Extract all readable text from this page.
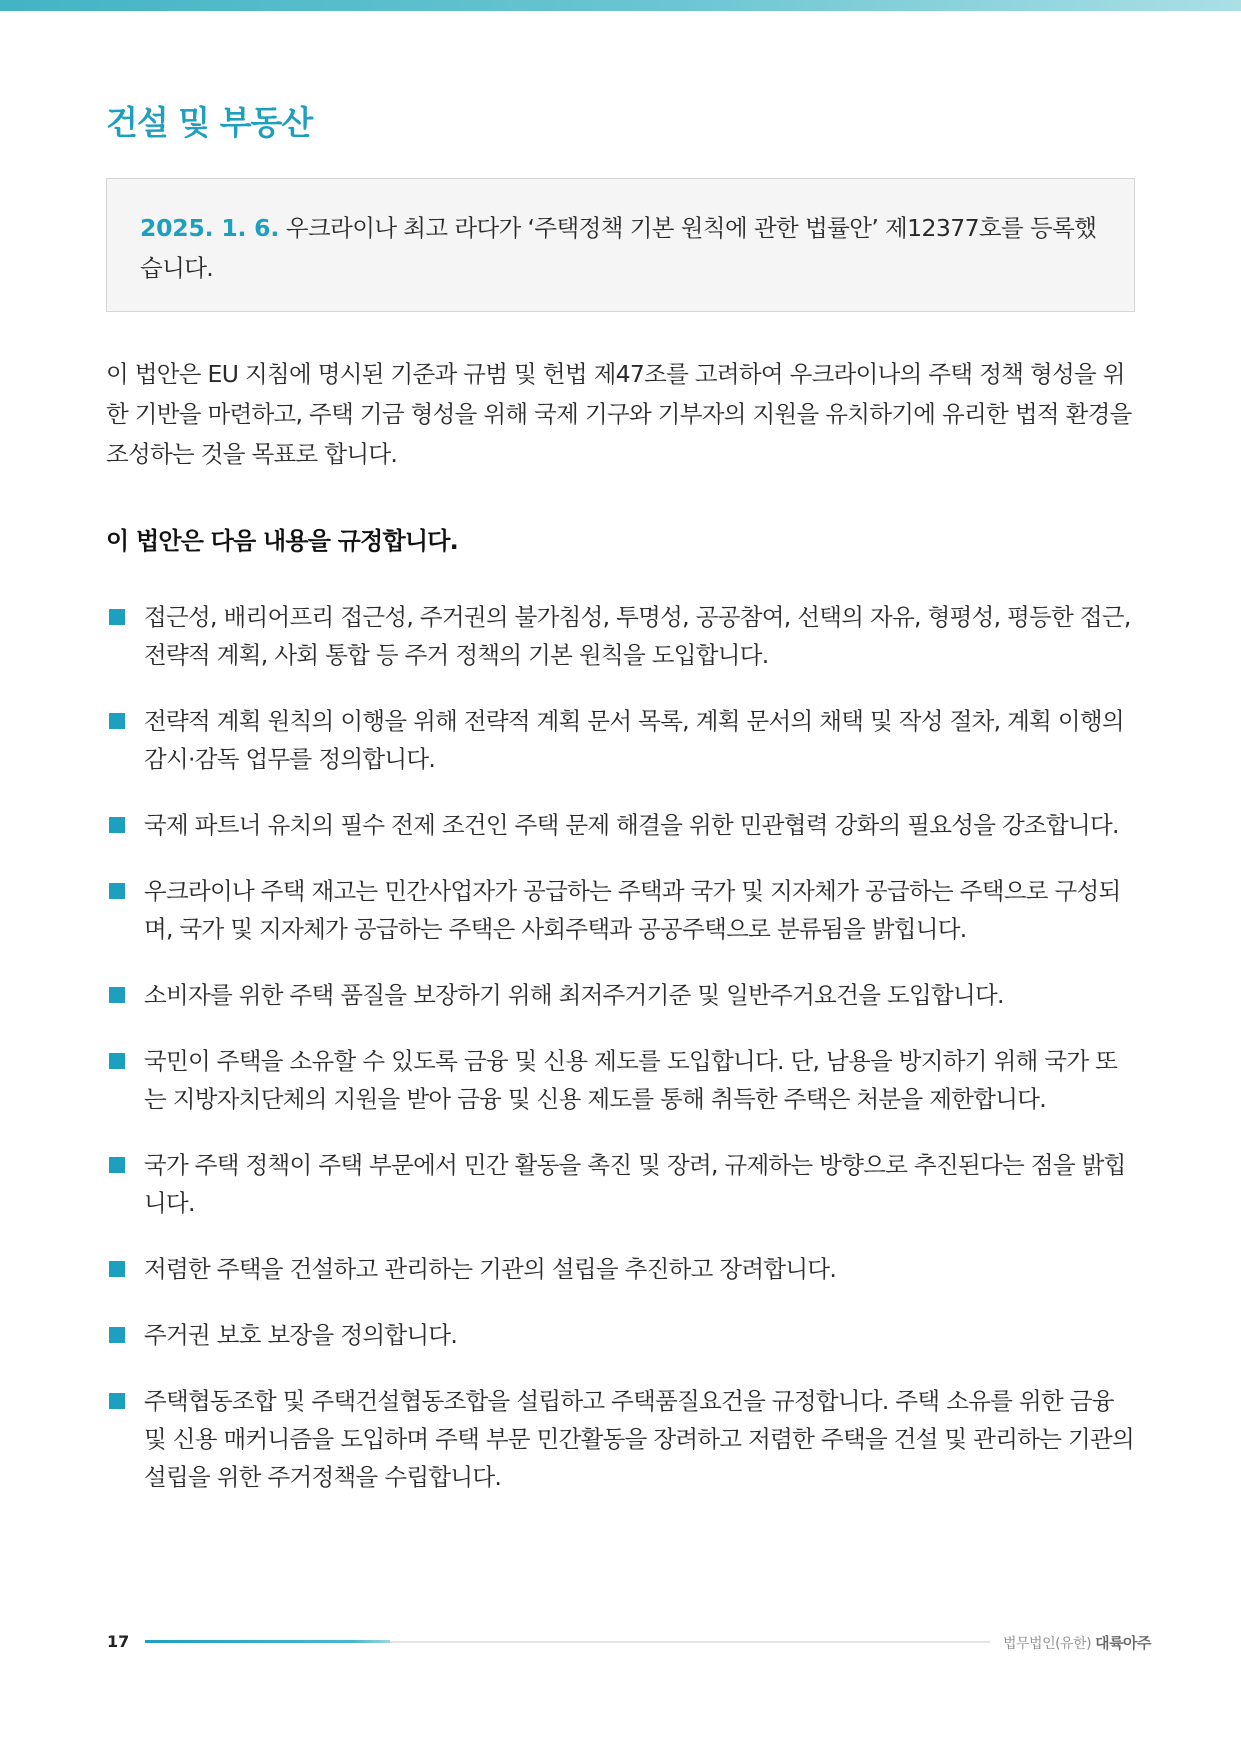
건설 및 부동산
2025. 1. 6. 우크라이나 최고 라다가 ‘주택정책 기본 원칙에 관한 법률안’ 제12377호를 등록했습니다.

이 법안은 EU 지침에 명시된 기준과 규범 및 헌법 제47조를 고려하여 우크라이나의 주택 정책 형성을 위한 기반을 마련하고, 주택 기금 형성을 위해 국제 기구와 기부자의 지원을 유치하기에 유리한 법적 환경을 조성하는 것을 목표로 합니다.

이 법안은 다음 내용을 규정합니다.
접근성, 배리어프리 접근성, 주거권의 불가침성, 투명성, 공공참여, 선택의 자유, 형평성, 평등한 접근, 전략적 계획, 사회 통합 등 주거 정책의 기본 원칙을 도입합니다.
전략적 계획 원칙의 이행을 위해 전략적 계획 문서 목록, 계획 문서의 채택 및 작성 절차, 계획 이행의 감시·감독 업무를 정의합니다.
국제 파트너 유치의 필수 전제 조건인 주택 문제 해결을 위한 민관협력 강화의 필요성을 강조합니다.
우크라이나 주택 재고는 민간사업자가 공급하는 주택과 국가 및 지자체가 공급하는 주택으로 구성되며, 국가 및 지자체가 공급하는 주택은 사회주택과 공공주택으로 분류됨을 밝힙니다.
소비자를 위한 주택 품질을 보장하기 위해 최저주거기준 및 일반주거요건을 도입합니다.
국민이 주택을 소유할 수 있도록 금융 및 신용 제도를 도입합니다. 단, 남용을 방지하기 위해 국가 또는 지방자치단체의 지원을 받아 금융 및 신용 제도를 통해 취득한 주택은 처분을 제한합니다.
국가 주택 정책이 주택 부문에서 민간 활동을 촉진 및 장려, 규제하는 방향으로 추진된다는 점을 밝힙니다.
저렴한 주택을 건설하고 관리하는 기관의 설립을 추진하고 장려합니다.
주거권 보호 보장을 정의합니다.
주택협동조합 및 주택건설협동조합을 설립하고 주택품질요건을 규정합니다. 주택 소유를 위한 금융 및 신용 매커니즘을 도입하며 주택 부문 민간활동을 장려하고 저렴한 주택을 건설 및 관리하는 기관의 설립을 위한 주거정책을 수립합니다.
17	법무법인(유한) 대륙아주
